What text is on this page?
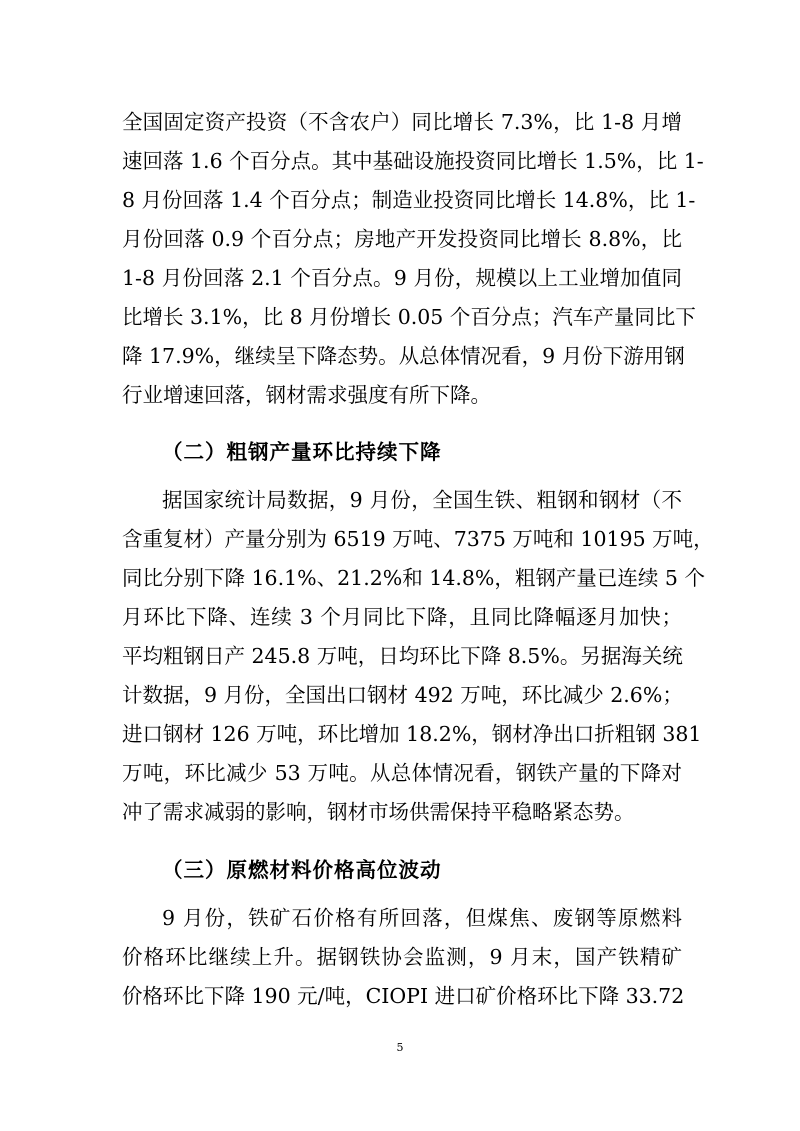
全国固定资产投资（不含农户）同比增长 7.3%，比 1-8 月增
速回落 1.6 个百分点。其中基础设施投资同比增长 1.5%，比 1-
8 月份回落 1.4 个百分点；制造业投资同比增长 14.8%，比 1-
月份回落 0.9 个百分点；房地产开发投资同比增长 8.8%，比
1-8 月份回落 2.1 个百分点。9 月份，规模以上工业增加值同
比增长 3.1%，比 8 月份增长 0.05 个百分点；汽车产量同比下
降 17.9%，继续呈下降态势。从总体情况看，9 月份下游用钢
行业增速回落，钢材需求强度有所下降。
（二）粗钢产量环比持续下降
据国家统计局数据，9 月份，全国生铁、粗钢和钢材（不
含重复材）产量分别为 6519 万吨、7375 万吨和 10195 万吨，
同比分别下降 16.1%、21.2%和 14.8%，粗钢产量已连续 5 个
月环比下降、连续 3 个月同比下降，且同比降幅逐月加快；
平均粗钢日产 245.8 万吨，日均环比下降 8.5%。另据海关统
计数据，9 月份，全国出口钢材 492 万吨，环比减少 2.6%；
进口钢材 126 万吨，环比增加 18.2%，钢材净出口折粗钢 381
万吨，环比减少 53 万吨。从总体情况看，钢铁产量的下降对
冲了需求减弱的影响，钢材市场供需保持平稳略紧态势。
（三）原燃材料价格高位波动
9 月份，铁矿石价格有所回落，但煤焦、废钢等原燃料
价格环比继续上升。据钢铁协会监测，9 月末，国产铁精矿
价格环比下降 190 元/吨，CIOPI 进口矿价格环比下降 33.72
5
